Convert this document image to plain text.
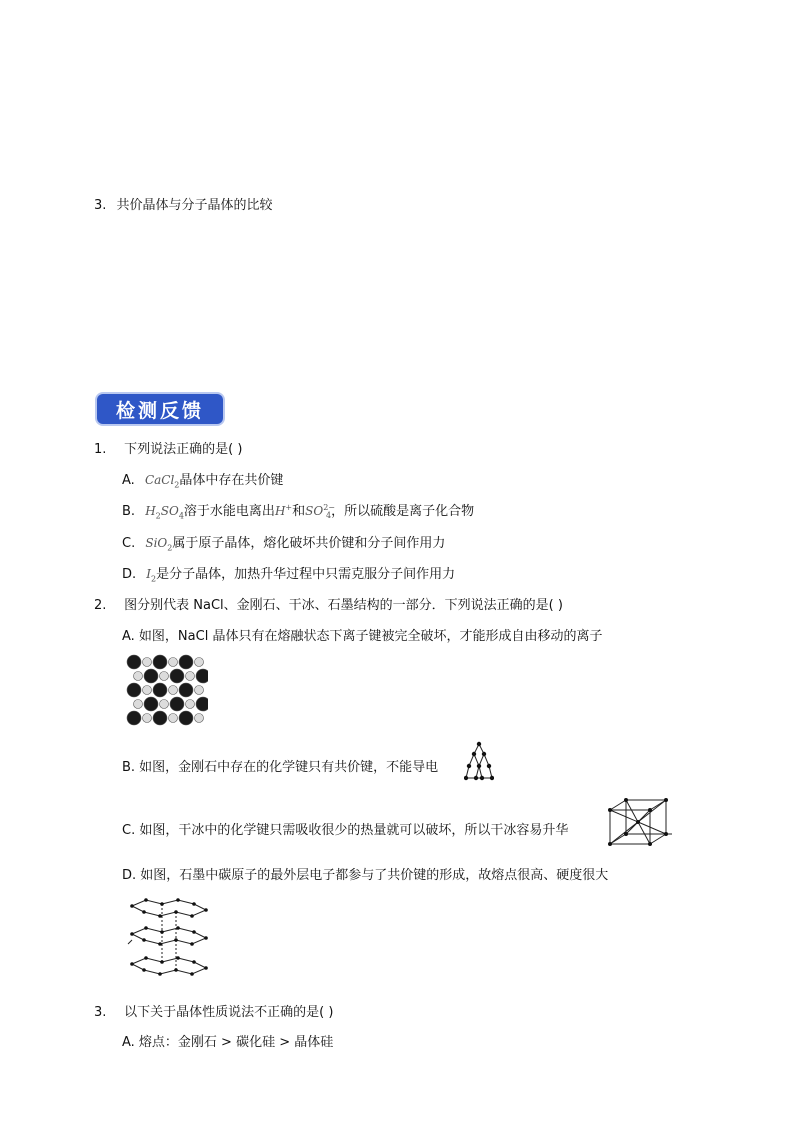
3. 共价晶体与分子晶体的比较
检测反馈
1. 下列说法正确的是( )
A. CaCl$_2$晶体中存在共价键
B. $H_2SO_4$溶于水能电离出H+和$SO^{2-}_4$，所以硫酸是离子化合物
C. SiO$_2$属于原子晶体，熔化破坏共价键和分子间作用力
D. $I_2$是分子晶体，加热升华过程中只需克服分子间作用力
2. 图分别代表 NaCl、金刚石、干冰、石墨结构的一部分．下列说法正确的是( )
A. 如图，NaCl 晶体只有在熔融状态下离子键被完全破坏，才能形成自由移动的离子
B. 如图，金刚石中存在的化学键只有共价键，不能导电
C. 如图，干冰中的化学键只需吸收很少的热量就可以破坏，所以干冰容易升华
D. 如图，石墨中碳原子的最外层电子都参与了共价键的形成，故熔点很高、硬度很大
3. 以下关于晶体性质说法不正确的是( )
A. 熔点：金刚石 > 碳化硅 > 晶体硅
